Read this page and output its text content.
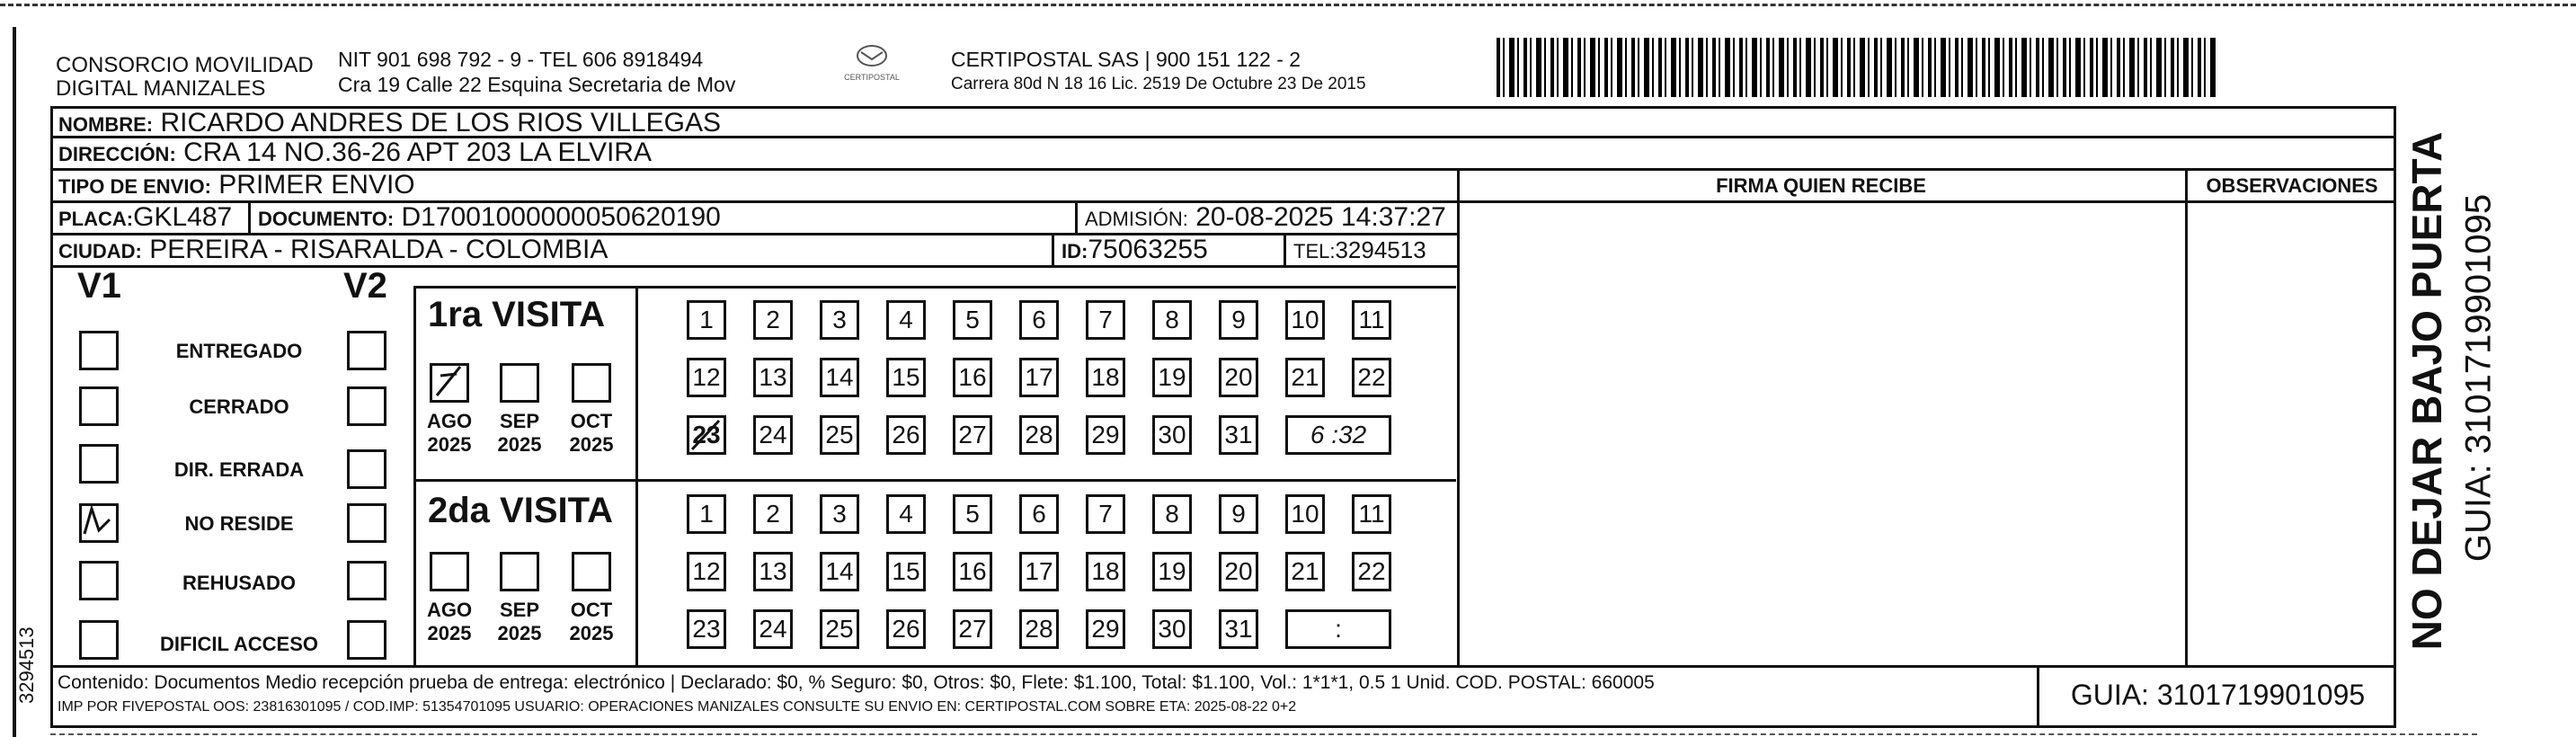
3294513
CONSORCIO MOVILIDAD
DIGITAL MANIZALES
NIT 901 698 792 - 9 - TEL 606 8918494
Cra 19 Calle 22 Esquina Secretaria de Mov	CERTIPOSTAL
CERTIPOSTAL SAS | 900 151 122 - 2
Carrera 80d N 18 16 Lic. 2519 De Octubre 23 De 2015
NOMBRE: RICARDO ANDRES DE LOS RIOS VILLEGAS
DIRECCIÓN: CRA 14 NO.36-26 APT 203 LA ELVIRA
TIPO DE ENVIO: PRIMER ENVIO	FIRMA QUIEN RECIBE	OBSERVACIONES
PLACA:GKL487	DOCUMENTO: D17001000000050620190	ADMISIÓN: 20-08-2025 14:37:27
CIUDAD: PEREIRA - RISARALDA - COLOMBIA	ID:75063255	TEL:3294513
V1	V2
ENTREGADO
CERRADO
DIR. ERRADA
NO RESIDE
REHUSADO
DIFICIL ACCESO
1ra VISITA
AGO
2025
SEP
2025
OCT
2025
2da VISITA
AGO
2025
SEP
2025
OCT
2025
1	2	3	4	5	6	7	8	9	10 11
12 13 14 15 16 17 18 19 20 21 22
23 24 25 26 27 28 29 30 31	6 :32
1	2	3	4	5	6	7	8	9	10 11
12 13 14 15 16 17 18 19 20 21 22
23 24 25 26 27 28 29 30 31	:
Contenido: Documentos Medio recepción prueba de entrega: electrónico | Declarado: $0, % Seguro: $0, Otros: $0, Flete: $1.100, Total: $1.100, Vol.: 1*1*1, 0.5 1 Unid. COD. POSTAL: 660005
IMP POR FIVEPOSTAL OOS: 23816301095 / COD.IMP: 51354701095 USUARIO: OPERACIONES MANIZALES CONSULTE SU ENVIO EN: CERTIPOSTAL.COM SOBRE ETA: 2025-08-22 0+2	GUIA: 3101719901095
NO DEJAR BAJO PUERTA GUIA: 3101719901095
